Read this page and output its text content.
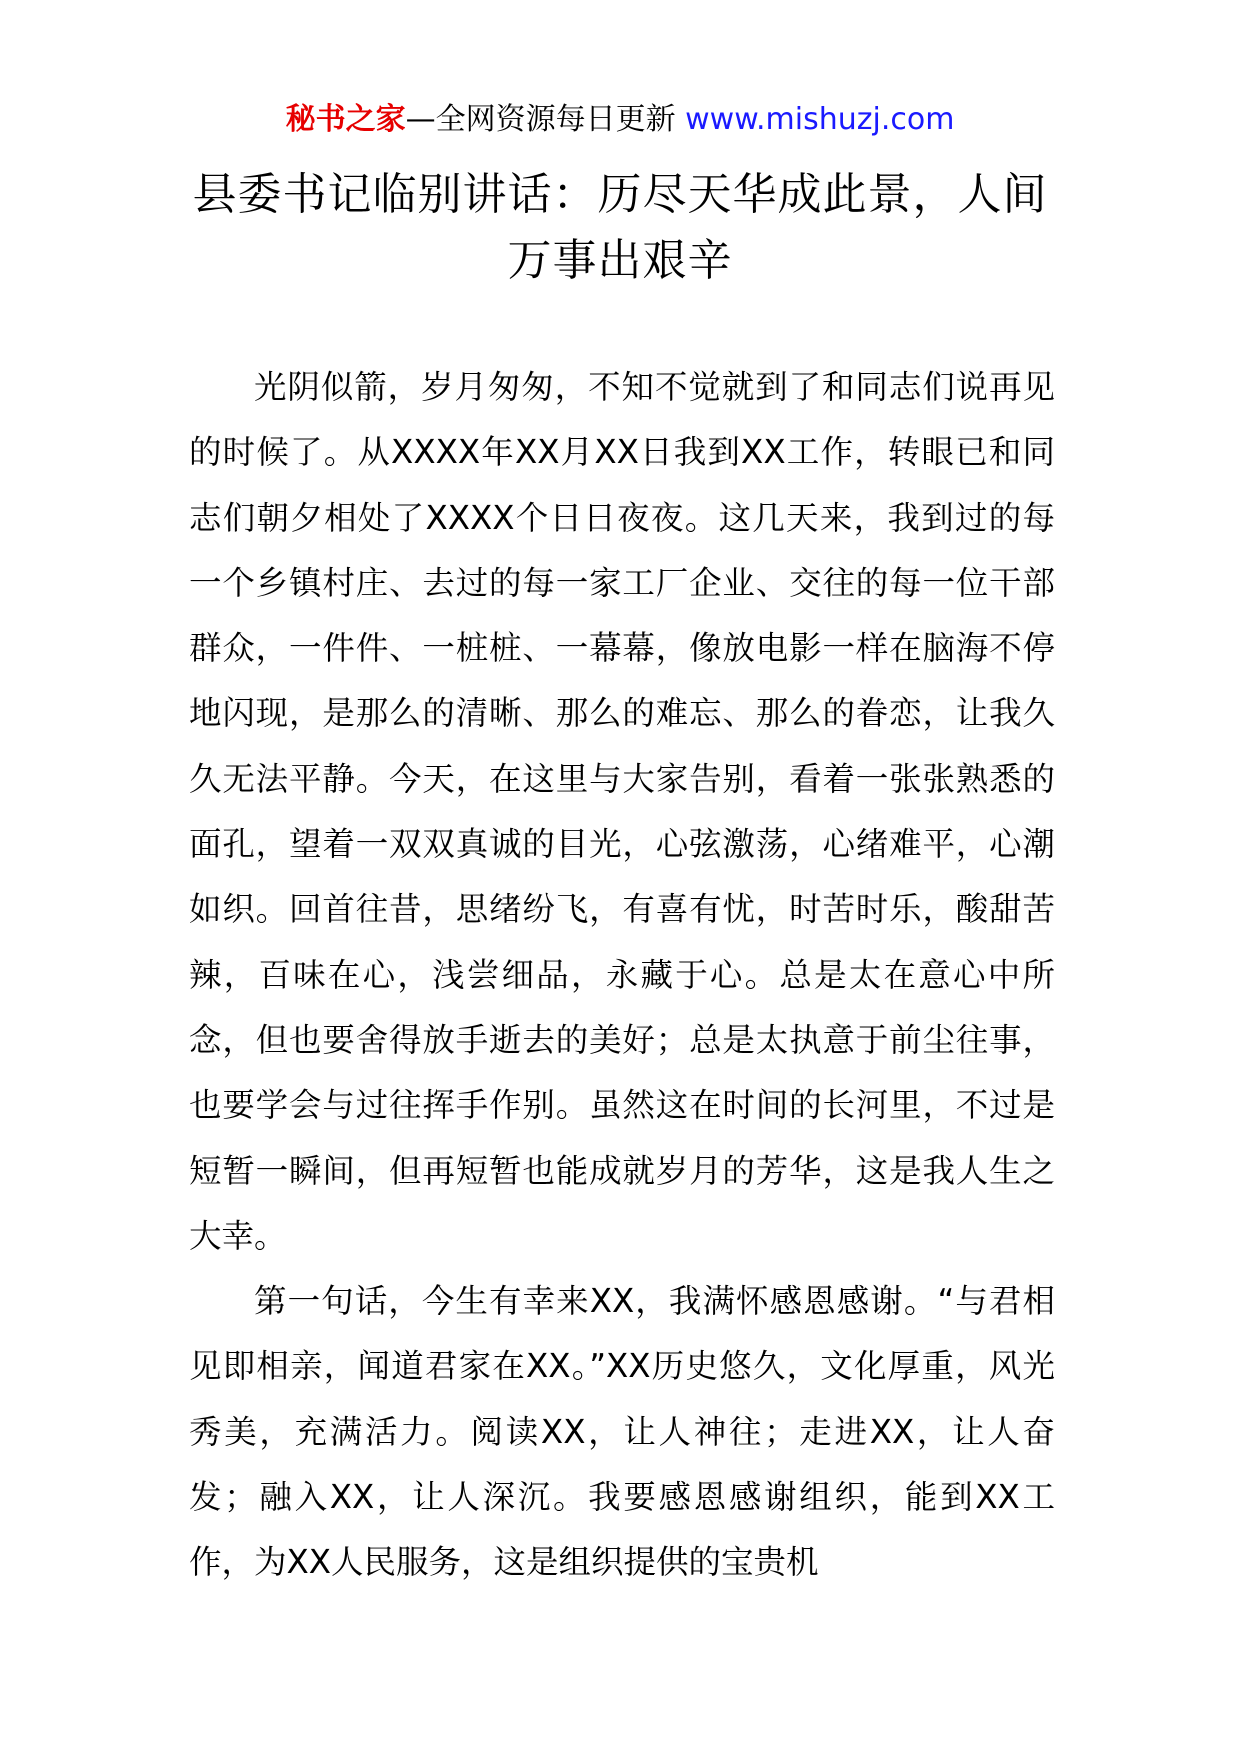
秘书之家—全网资源每日更新 www.mishuzj.com
县委书记临别讲话：历尽天华成此景，人间万事出艰辛

光阴似箭，岁月匆匆，不知不觉就到了和同志们说再见的时候了。从XXXX年XX月XX日我到XX工作，转眼已和同志们朝夕相处了XXXX个日日夜夜。这几天来，我到过的每一个乡镇村庄、去过的每一家工厂企业、交往的每一位干部群众，一件件、一桩桩、一幕幕，像放电影一样在脑海不停地闪现，是那么的清晰、那么的难忘、那么的眷恋，让我久久无法平静。今天，在这里与大家告别，看着一张张熟悉的面孔，望着一双双真诚的目光，心弦激荡，心绪难平，心潮如织。回首往昔，思绪纷飞，有喜有忧，时苦时乐，酸甜苦辣，百味在心，浅尝细品，永藏于心。总是太在意心中所念，但也要舍得放手逝去的美好；总是太执意于前尘往事，也要学会与过往挥手作别。虽然这在时间的长河里，不过是短暂一瞬间，但再短暂也能成就岁月的芳华，这是我人生之大幸。

第一句话，今生有幸来XX，我满怀感恩感谢。“与君相见即相亲，闻道君家在XX。”XX历史悠久，文化厚重，风光秀美，充满活力。阅读XX，让人神往；走进XX，让人奋发；融入XX，让人深沉。我要感恩感谢组织，能到XX工作，为XX人民服务，这是组织提供的宝贵机
